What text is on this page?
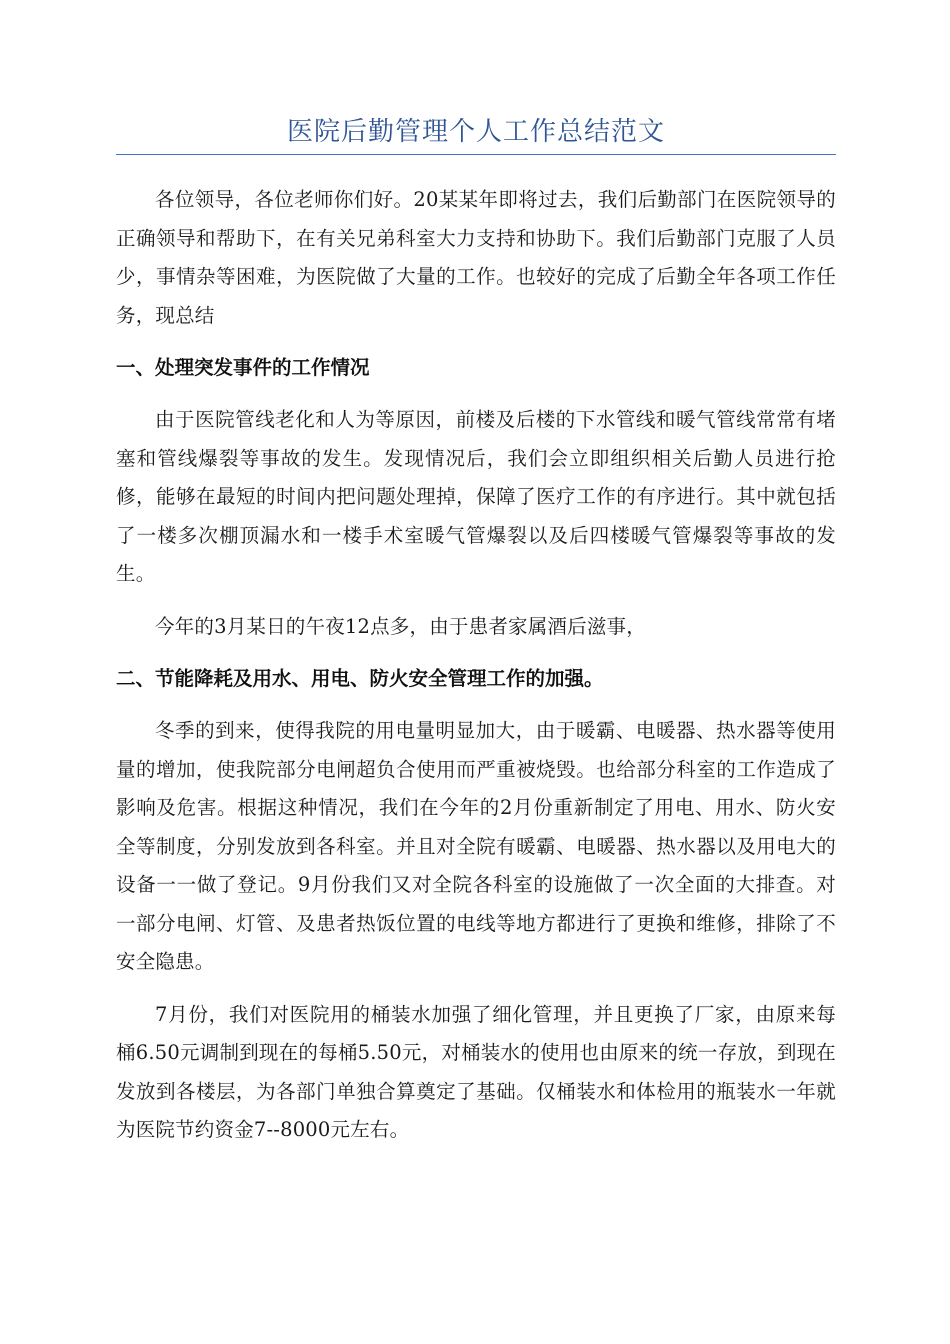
医院后勤管理个人工作总结范文

各位领导，各位老师你们好。20某某年即将过去，我们后勤部门在医院领导的正确领导和帮助下，在有关兄弟科室大力支持和协助下。我们后勤部门克服了人员少，事情杂等困难，为医院做了大量的工作。也较好的完成了后勤全年各项工作任务，现总结

一、处理突发事件的工作情况

由于医院管线老化和人为等原因，前楼及后楼的下水管线和暖气管线常常有堵塞和管线爆裂等事故的发生。发现情况后，我们会立即组织相关后勤人员进行抢修，能够在最短的时间内把问题处理掉，保障了医疗工作的有序进行。其中就包括了一楼多次棚顶漏水和一楼手术室暖气管爆裂以及后四楼暖气管爆裂等事故的发生。

今年的3月某日的午夜12点多，由于患者家属酒后滋事，

二、节能降耗及用水、用电、防火安全管理工作的加强。

冬季的到来，使得我院的用电量明显加大，由于暖霸、电暖器、热水器等使用量的增加，使我院部分电闸超负合使用而严重被烧毁。也给部分科室的工作造成了影响及危害。根据这种情况，我们在今年的2月份重新制定了用电、用水、防火安全等制度，分别发放到各科室。并且对全院有暖霸、电暖器、热水器以及用电大的设备一一做了登记。9月份我们又对全院各科室的设施做了一次全面的大排查。对一部分电闸、灯管、及患者热饭位置的电线等地方都进行了更换和维修，排除了不安全隐患。

7月份，我们对医院用的桶装水加强了细化管理，并且更换了厂家，由原来每桶6.50元调制到现在的每桶5.50元，对桶装水的使用也由原来的统一存放，到现在发放到各楼层，为各部门单独合算奠定了基础。仅桶装水和体检用的瓶装水一年就为医院节约资金7--8000元左右。
